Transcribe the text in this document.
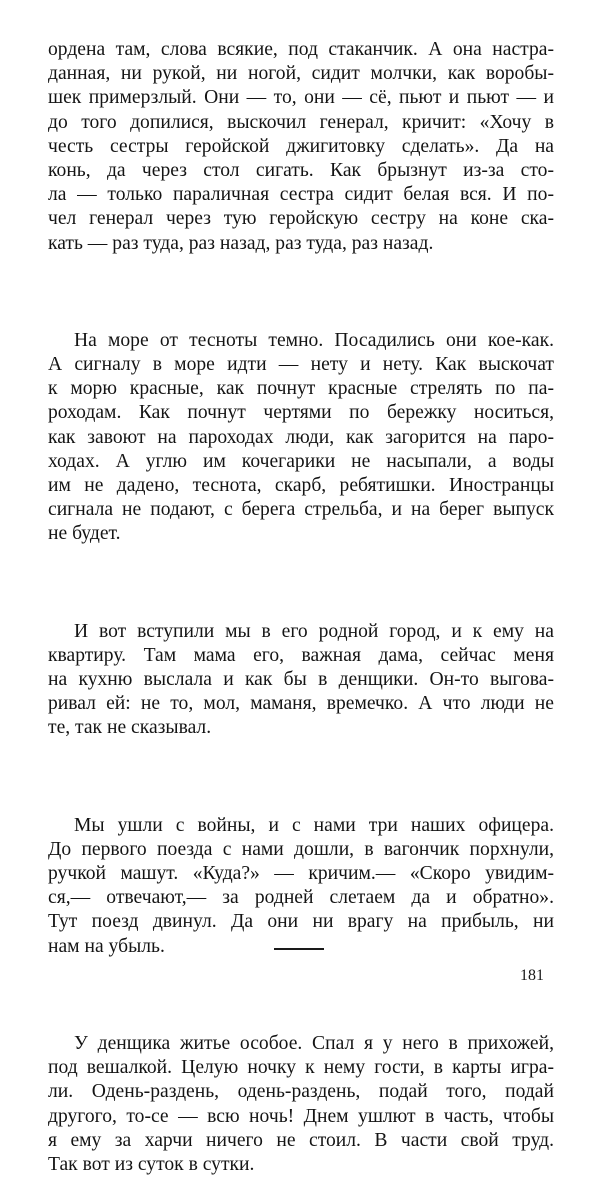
ордена там, слова всякие, под стаканчик. А она настра-
данная, ни рукой, ни ногой, сидит молчки, как воробы-
шек примерзлый. Они — то, они — сё, пьют и пьют — и
до того допилися, выскочил генерал, кричит: «Хочу в
честь сестры геройской джигитовку сделать». Да на
конь, да через стол сигать. Как брызнут из-за сто-
ла — только параличная сестра сидит белая вся. И по-
чел генерал через тую геройскую сестру на коне ска-
кать — раз туда, раз назад, раз туда, раз назад.

На море от тесноты темно. Посадились они кое-как.
А сигналу в море идти — нету и нету. Как выскочат
к морю красные, как почнут красные стрелять по па-
роходам. Как почнут чертями по бережку носиться,
как завоют на пароходах люди, как загорится на паро-
ходах. А углю им кочегарики не насыпали, а воды
им не дадено, теснота, скарб, ребятишки. Иностранцы
сигнала не подают, с берега стрельба, и на берег выпуск
не будет.

И вот вступили мы в его родной город, и к ему на
квартиру. Там мама его, важная дама, сейчас меня
на кухню выслала и как бы в денщики. Он-то выгова-
ривал ей: не то, мол, маманя, времечко. А что люди не
те, так не сказывал.

Мы ушли с войны, и с нами три наших офицера.
До первого поезда с нами дошли, в вагончик порхнули,
ручкой машут. «Куда?» — кричим.— «Скоро увидим-
ся,— отвечают,— за родней слетаем да и обратно».
Тут поезд двинул. Да они ни врагу на прибыль, ни
нам на убыль.

У денщика житье особое. Спал я у него в прихожей,
под вешалкой. Целую ночку к нему гости, в карты игра-
ли. Одень-раздень, одень-раздень, подай того, подай
другого, то-се — всю ночь! Днем ушлют в часть, чтобы
я ему за харчи ничего не стоил. В части свой труд.
Так вот из суток в сутки.

181
